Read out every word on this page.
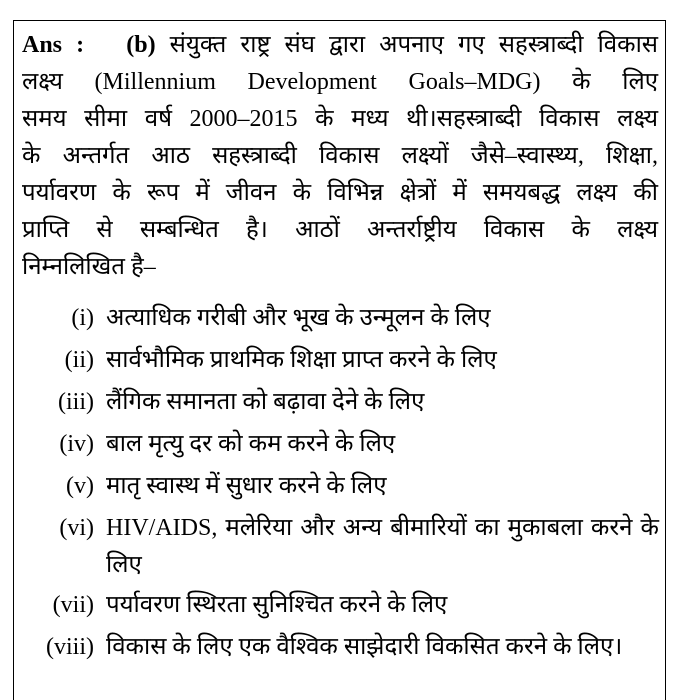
Ans : (b) संयुक्त राष्ट्र संघ द्वारा अपनाए गए सहस्त्राब्दी विकास
लक्ष्य (Millennium Development Goals–MDG) के लिए
समय सीमा वर्ष 2000–2015 के मध्य थी।सहस्त्राब्दी विकास लक्ष्य
के अन्तर्गत आठ सहस्त्राब्दी विकास लक्ष्यों जैसे–स्वास्थ्य, शिक्षा,
पर्यावरण के रूप में जीवन के विभिन्न क्षेत्रों में समयबद्ध लक्ष्य की
प्राप्ति से सम्बन्धित है। आठों अन्तर्राष्ट्रीय विकास के लक्ष्य
निम्नलिखित है–
(i) अत्याधिक गरीबी और भूख के उन्मूलन के लिए
(ii) सार्वभौमिक प्राथमिक शिक्षा प्राप्त करने के लिए
(iii) लैंगिक समानता को बढ़ावा देने के लिए
(iv) बाल मृत्यु दर को कम करने के लिए
(v) मातृ स्वास्थ में सुधार करने के लिए
(vi) HIV/AIDS, मलेरिया और अन्य बीमारियों का मुकाबला करने के लिए
(vii) पर्यावरण स्थिरता सुनिश्चित करने के लिए
(viii) विकास के लिए एक वैश्विक साझेदारी विकसित करने के लिए।
